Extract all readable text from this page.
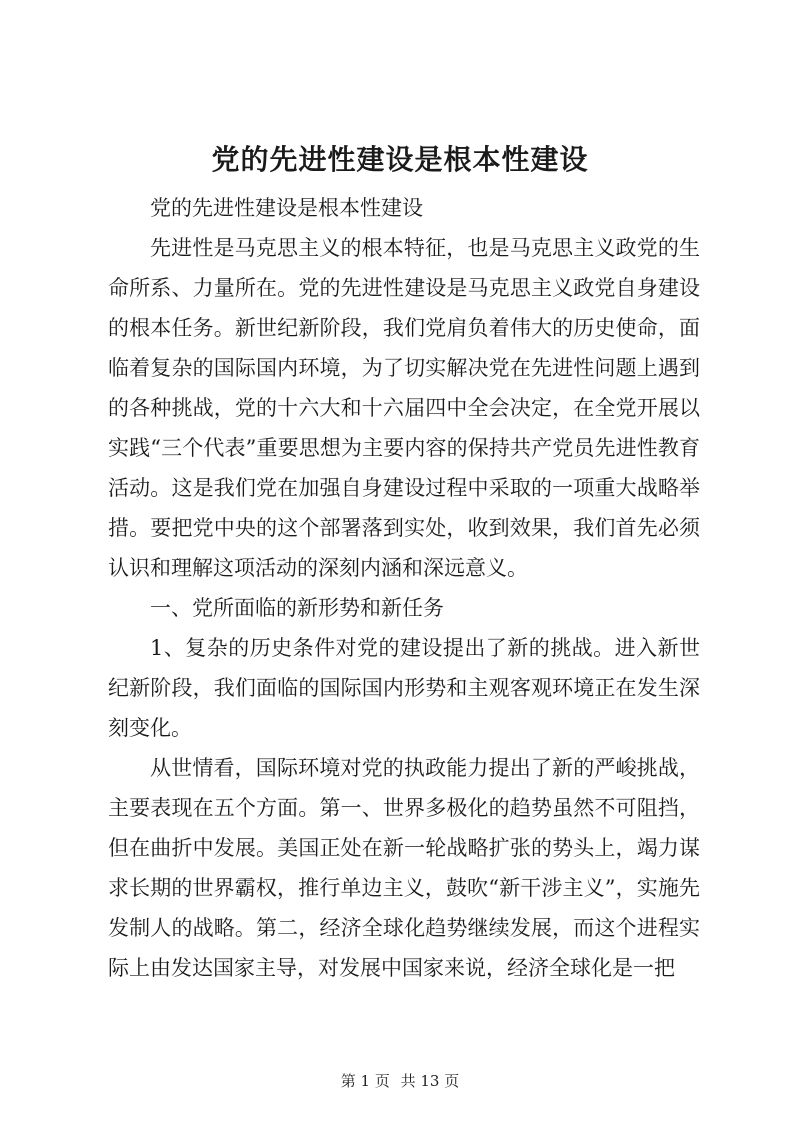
党的先进性建设是根本性建设

党的先进性建设是根本性建设

先进性是马克思主义的根本特征，也是马克思主义政党的生命所系、力量所在。党的先进性建设是马克思主义政党自身建设的根本任务。新世纪新阶段，我们党肩负着伟大的历史使命，面临着复杂的国际国内环境，为了切实解决党在先进性问题上遇到的各种挑战，党的十六大和十六届四中全会决定，在全党开展以实践“三个代表”重要思想为主要内容的保持共产党员先进性教育活动。这是我们党在加强自身建设过程中采取的一项重大战略举措。要把党中央的这个部署落到实处，收到效果，我们首先必须认识和理解这项活动的深刻内涵和深远意义。

一、党所面临的新形势和新任务

1、复杂的历史条件对党的建设提出了新的挑战。进入新世纪新阶段，我们面临的国际国内形势和主观客观环境正在发生深刻变化。

从世情看，国际环境对党的执政能力提出了新的严峻挑战，主要表现在五个方面。第一、世界多极化的趋势虽然不可阻挡，但在曲折中发展。美国正处在新一轮战略扩张的势头上，竭力谋求长期的世界霸权，推行单边主义，鼓吹“新干涉主义”，实施先发制人的战略。第二，经济全球化趋势继续发展，而这个进程实际上由发达国家主导，对发展中国家来说，经济全球化是一把

第 1 页 共 13 页
